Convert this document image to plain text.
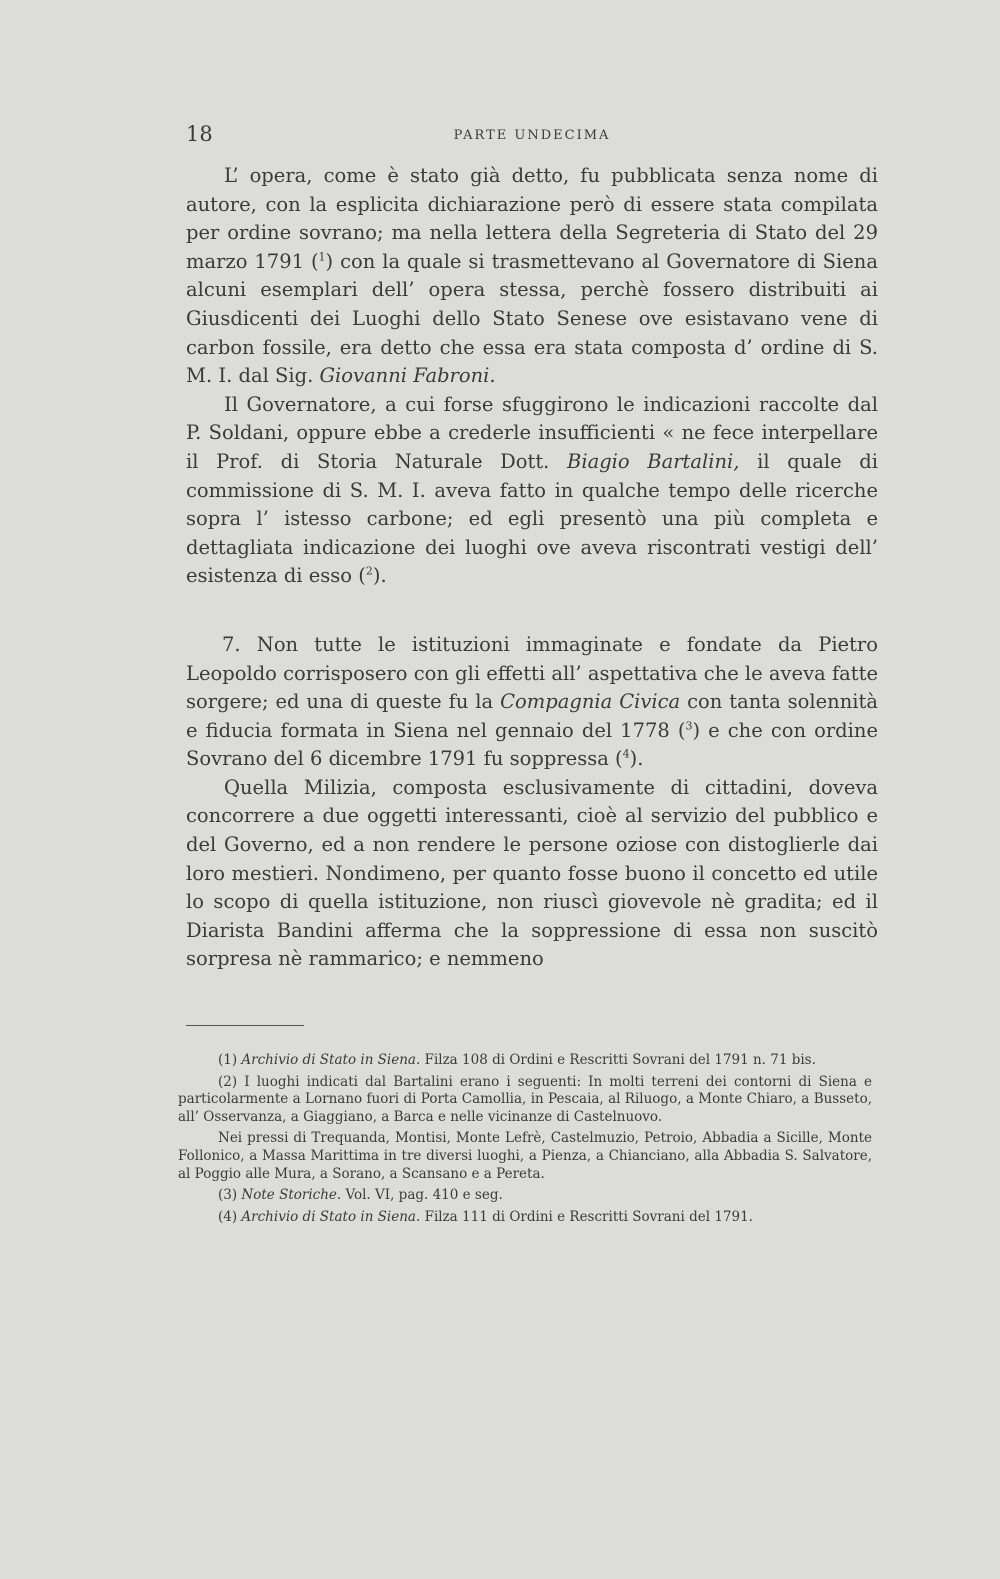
18	PARTE UNDECIMA

L’ opera, come è stato già detto, fu pubblicata senza nome di autore, con la esplicita dichiarazione però di essere stata compilata per ordine sovrano; ma nella lettera della Segreteria di Stato del 29 marzo 1791 ($^1$) con la quale si trasmettevano al Governatore di Siena alcuni esemplari dell’ opera stessa, perchè fossero distribuiti ai Giusdicenti dei Luoghi dello Stato Senese ove esistavano vene di carbon fossile, era detto che essa era stata composta d’ ordine di S. M. I. dal Sig. Giovanni Fabroni.

Il Governatore, a cui forse sfuggirono le indicazioni raccolte dal P. Soldani, oppure ebbe a crederle insufficienti « ne fece interpellare il Prof. di Storia Naturale Dott. Biagio Bartalini, il quale di commissione di S. M. I. aveva fatto in qualche tempo delle ricerche sopra l’ istesso carbone; ed egli presentò una più completa e dettagliata indicazione dei luoghi ove aveva riscontrati vestigi dell’ esistenza di esso ($^2$).

7. Non tutte le istituzioni immaginate e fondate da Pietro Leopoldo corrisposero con gli effetti all’ aspettativa che le aveva fatte sorgere; ed una di queste fu la Compagnia Civica con tanta solennità e fiducia formata in Siena nel gennaio del 1778 ($^3$) e che con ordine Sovrano del 6 dicembre 1791 fu soppressa ($^4$).

Quella Milizia, composta esclusivamente di cittadini, doveva concorrere a due oggetti interessanti, cioè al servizio del pubblico e del Governo, ed a non rendere le persone oziose con distoglierle dai loro mestieri. Nondimeno, per quanto fosse buono il concetto ed utile lo scopo di quella istituzione, non riuscì giovevole nè gradita; ed il Diarista Bandini afferma che la soppressione di essa non suscitò sorpresa nè rammarico; e nemmeno

(1) Archivio di Stato in Siena. Filza 108 di Ordini e Rescritti Sovrani del 1791 n. 71 bis.

(2) I luoghi indicati dal Bartalini erano i seguenti: In molti terreni dei contorni di Siena e particolarmente a Lornano fuori di Porta Camollia, in Pescaia, al Riluogo, a Monte Chiaro, a Busseto, all’ Osservanza, a Giaggiano, a Barca e nelle vicinanze di Castelnuovo.

Nei pressi di Trequanda, Montisi, Monte Lefrè, Castelmuzio, Petroio, Abbadia a Sicille, Monte Follonico, a Massa Marittima in tre diversi luoghi, a Pienza, a Chianciano, alla Abbadia S. Salvatore, al Poggio alle Mura, a Sorano, a Scansano e a Pereta.

(3) Note Storiche. Vol. VI, pag. 410 e seg.

(4) Archivio di Stato in Siena. Filza 111 di Ordini e Rescritti Sovrani del 1791.
